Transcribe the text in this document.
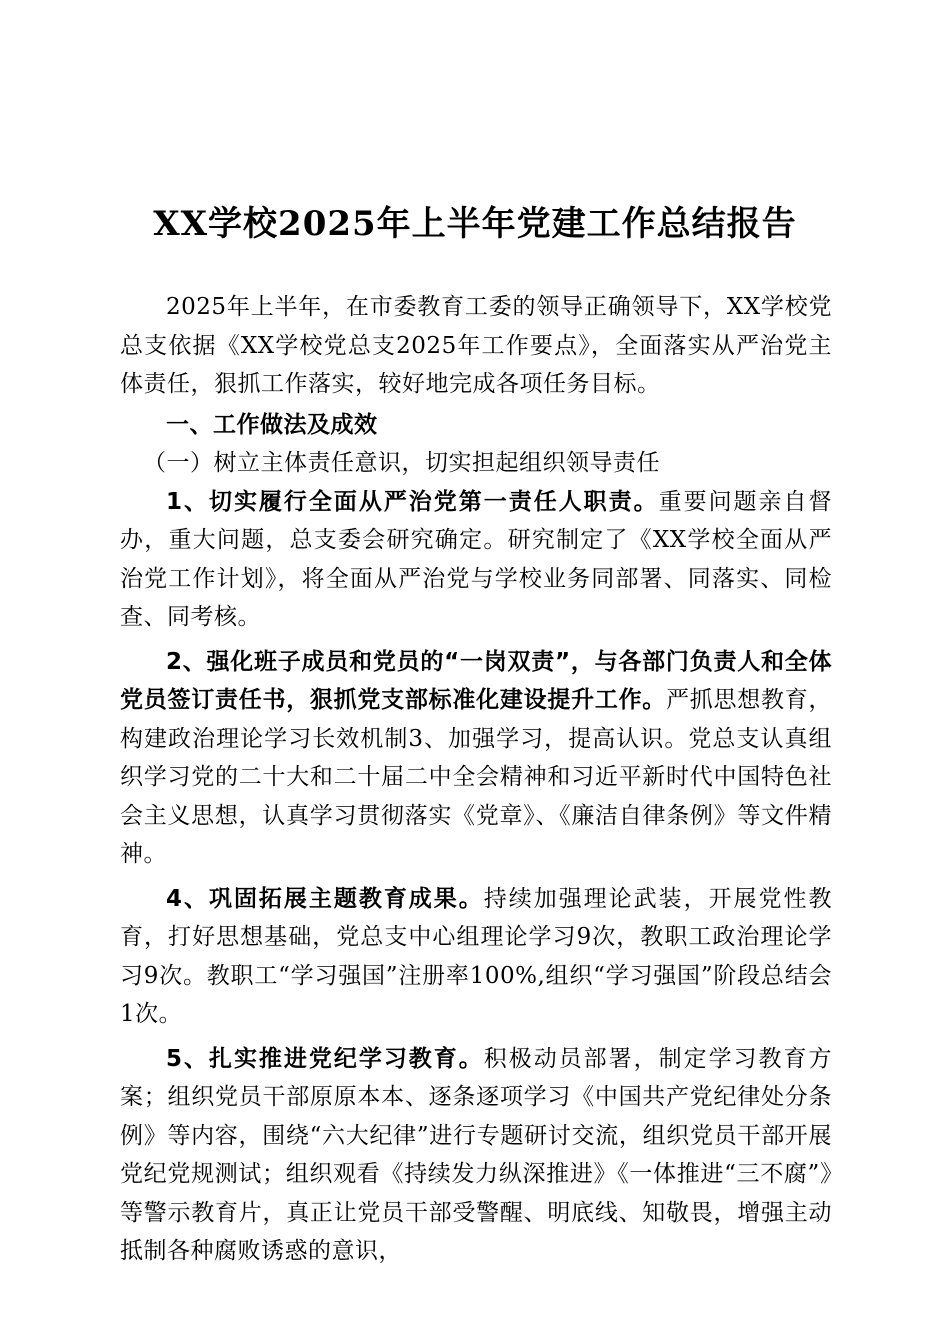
XX学校2025年上半年党建工作总结报告

2025年上半年，在市委教育工委的领导正确领导下，XX学校党总支依据《XX学校党总支2025年工作要点》，全面落实从严治党主体责任，狠抓工作落实，较好地完成各项任务目标。

一、工作做法及成效

（一）树立主体责任意识，切实担起组织领导责任

1、切实履行全面从严治党第一责任人职责。重要问题亲自督办，重大问题，总支委会研究确定。研究制定了《XX学校全面从严治党工作计划》，将全面从严治党与学校业务同部署、同落实、同检查、同考核。

2、强化班子成员和党员的“一岗双责”，与各部门负责人和全体党员签订责任书，狠抓党支部标准化建设提升工作。严抓思想教育，构建政治理论学习长效机制3、加强学习，提高认识。党总支认真组织学习党的二十大和二十届二中全会精神和习近平新时代中国特色社会主义思想，认真学习贯彻落实《党章》、《廉洁自律条例》等文件精神。

4、巩固拓展主题教育成果。持续加强理论武装，开展党性教育，打好思想基础，党总支中心组理论学习9次，教职工政治理论学习9次。教职工“学习强国”注册率100%,组织“学习强国”阶段总结会1次。

5、扎实推进党纪学习教育。积极动员部署，制定学习教育方案；组织党员干部原原本本、逐条逐项学习《中国共产党纪律处分条例》等内容，围绕“六大纪律”进行专题研讨交流，组织党员干部开展党纪党规测试；组织观看《持续发力纵深推进》《一体推进“三不腐”》等警示教育片，真正让党员干部受警醒、明底线、知敬畏，增强主动抵制各种腐败诱惑的意识，
